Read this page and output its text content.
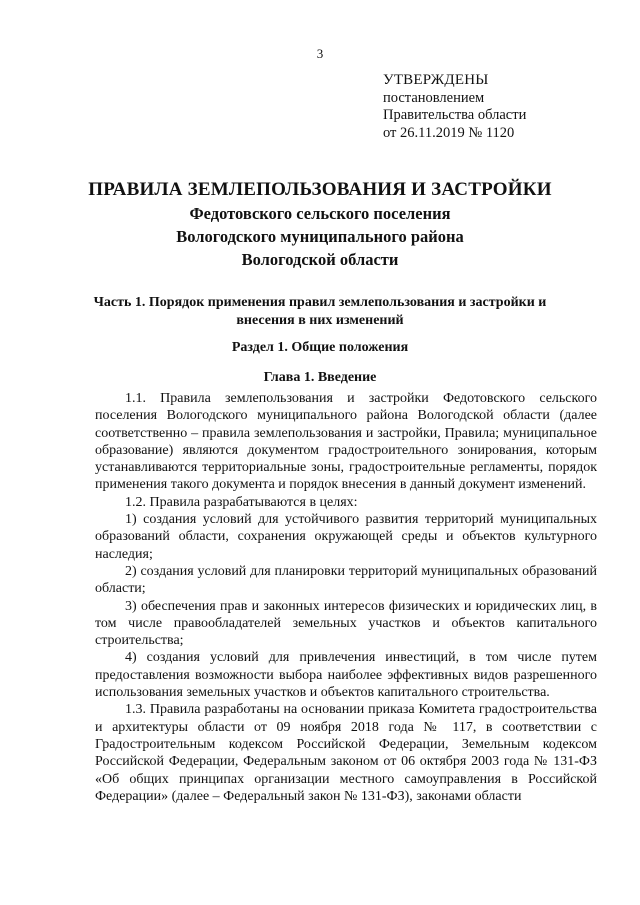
3
УТВЕРЖДЕНЫ
постановлением
Правительства области
от 26.11.2019 № 1120
ПРАВИЛА ЗЕМЛЕПОЛЬЗОВАНИЯ И ЗАСТРОЙКИ
Федотовского сельского поселения
Вологодского муниципального района
Вологодской области
Часть 1. Порядок применения правил землепользования и застройки и внесения в них изменений
Раздел 1. Общие положения
Глава 1. Введение

1.1. Правила землепользования и застройки Федотовского сельского поселения Вологодского муниципального района Вологодской области (далее соответственно – правила землепользования и застройки, Правила; муниципальное образование) являются документом градостроительного зонирования, которым устанавливаются территориальные зоны, градостроительные регламенты, порядок применения такого документа и порядок внесения в данный документ изменений.

1.2. Правила разрабатываются в целях:

1) создания условий для устойчивого развития территорий муниципальных образований области, сохранения окружающей среды и объектов культурного наследия;

2) создания условий для планировки территорий муниципальных образований области;

3) обеспечения прав и законных интересов физических и юридических лиц, в том числе правообладателей земельных участков и объектов капитального строительства;

4) создания условий для привлечения инвестиций, в том числе путем предоставления возможности выбора наиболее эффективных видов разрешенного использования земельных участков и объектов капитального строительства.

1.3. Правила разработаны на основании приказа Комитета градостроительства и архитектуры области от 09 ноября 2018 года № 117, в соответствии с Градостроительным кодексом Российской Федерации, Земельным кодексом Российской Федерации, Федеральным законом от 06 октября 2003 года № 131-ФЗ «Об общих принципах организации местного самоуправления в Российской Федерации» (далее – Федеральный закон № 131-ФЗ), законами области
